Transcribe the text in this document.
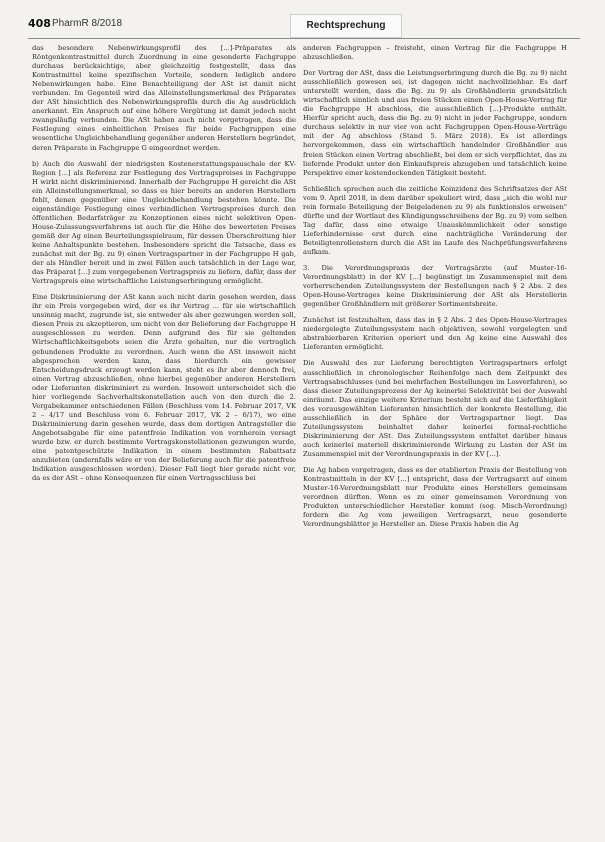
408 PharmR 8/2018	Rechtsprechung

das besondere Nebenwirkungsprofil des [...]-Präparates als Röntgenkontrastmittel durch Zuordnung in eine gesonderte Fachgruppe durchaus berücksichtige, aber gleichzeitig festgestellt, dass das Kontrastmittel keine spezifischen Vorteile, sondern lediglich andere Nebenwirkungen habe. Eine Benachteiligung der ASt ist damit nicht verbunden. Im Gegenteil wird das Alleinstellungsmerkmal des Präparates der ASt hinsichtlich des Nebenwirkungsprofils durch die Ag ausdrücklich anerkannt. Ein Anspruch auf eine höhere Vergütung ist damit jedoch nicht zwangsläufig verbunden. Die ASt haben auch nicht vorgetragen, dass die Festlegung eines einheitlichen Preises für beide Fachgruppen eine wesentliche Ungleichbehandlung gegenüber anderen Herstellern begründet, deren Präparate in Fachgruppe G eingeordnet werden.

b) Auch die Auswahl der niedrigsten Kostenerstattungspauschale der KV-Region [...] als Referenz zur Festlegung des Vertragspreises in Fachgruppe H wirkt nicht diskriminierend. Innerhalb der Fachgruppe H gereicht die ASt ein Alleinstellungsmerkmal, so dass es hier bereits an anderen Herstellern fehlt, denen gegenüber eine Ungleichbehandlung bestehen könnte. Die eigenständige Festlegung eines verbindlichen Vertragspreises durch den öffentlichen Bedarfsträger zu Konzeptionen eines nicht selektiven Open-House-Zulassungsverfahrens ist auch für die Höhe des bewerteten Preises gemäß der Ag einen Beurteilungsspielraum, für dessen Überschreitung hier keine Anhaltspunkte bestehen. Insbesondere spricht die Tatsache, dass es zunächst mit der Bg. zu 9) einen Vertragspartner in der Fachgruppe H gab, der als Händler bereit und in zwei Fällen auch tatsächlich in der Lage war, das Präparat [...] zum vorgegebenen Vertragspreis zu liefern, dafür, dass der Vertragspreis eine wirtschaftliche Leistungserbringung ermöglicht.

Eine Diskriminierung der ASt kann auch nicht darin gesehen werden, dass ihr ein Preis vorgegeben wird, der es ihr Vertrag ... für sie wirtschaftlich unsinnig macht, zugrunde ist, sie entweder als aber gezwungen werden soll, diesen Preis zu akzeptieren, um nicht von der Belieferung der Fachgruppe H ausgeschlossen zu werden. Denn aufgrund des für sie geltenden Wirtschaftlichkeitsgebots seien die Ärzte gehalten, nur die vertraglich gebundenen Produkte zu verordnen. Auch wenn die ASt insoweit nicht abgesprochen werden kann, dass hierdurch ein gewisser Entscheidungsdruck erzeugt werden kann, steht es ihr aber dennoch frei, einen Vertrag abzuschließen, ohne hierbei gegenüber anderen Herstellern oder Lieferanten diskriminiert zu werden. Insoweit unterscheidet sich die hier vorliegende Sachverhaltskonstellation auch von den durch die 2. Vergabekammer entschiedenen Fällen (Beschluss vom 14. Februar 2017, VK 2 – 4/17 und Beschluss vom 6. Februar 2017, VK 2 – 6/17), wo eine Diskriminierung darin gesehen wurde, dass dem dortigen Antragsteller die Angebotsabgabe für eine patentfreie Indikation von vornherein versagt wurde bzw. er durch bestimmte Vertragskonstellationen gezwungen wurde, eine patentgeschützte Indikation in einem bestimmten Rabattsatz anzubieten (andernfalls wäre er von der Belieferung auch für die patentfreie Indikation ausgeschlossen worden). Dieser Fall liegt hier gerade nicht vor, da es der ASt – ohne Konsequenzen für einen Vertragsschluss bei

anderen Fachgruppen – freisteht, einen Vertrag für die Fachgruppe H abzuschließen.

Der Vortrag der ASt, dass die Leistungserbringung durch die Bg. zu 9) nicht ausschließlich gewesen sei, ist dagegen nicht nachvollziehbar. Es darf unterstellt werden, dass die Bg. zu 9) als Großhändlerin grundsätzlich wirtschaftlich sinnlich und aus freien Stücken einen Open-House-Vertrag für die Fachgruppe H abschloss, die ausschließlich [...]-Produkte enthält. Hierfür spricht auch, dass die Bg. zu 9) nicht in jeder Fachgruppe, sondern durchaus selektiv in nur vier von acht Fachgruppen Open-House-Verträge mit der Ag abschloss (Stand 5. März 2018). Es ist allerdings hervorgekommen, dass ein wirtschaftlich handelnder Großhändler aus freien Stücken einen Vertrag abschließt, bei dem er sich verpflichtet, das zu liefernde Produkt unter den Einkaufspreis abzugeben und tatsächlich keine Perspektive einer kostendeckenden Tätigkeit besteht.

Schließlich sprechen auch die zeitliche Koinzidenz des Schriftsatzes der ASt vom 9. April 2018, in dem darüber spekuliert wird, dass „sich die wohl nur rein formale Beteiligung der Beigeladenen zu 9) als funktionslos erweisen" dürfte und der Wortlaut des Kündigungsschreibens der Bg. zu 9) vom selben Tag dafür, dass eine etwaige Unauskömmlichkeit oder sonstige Lieferhindernisse erst durch eine nachträgliche Veränderung der Beteiligtenrollenstern durch die ASt im Laufe des Nachprüfungsverfahrens aufkam.

3. Die Verordnungspraxis der Vertragsärzte (auf Muster-16-Verordnungsblatt) in der KV [...] begünstigt im Zusammenspiel mit dem vorherrschenden Zuteilungssystem der Bestellungen nach § 2 Abs. 2 des Open-House-Vertrages keine Diskriminierung der ASt als Herstellerin gegenüber Großhändlern mit größerer Sortimentsbreite.

Zunächst ist festzuhalten, dass das in § 2 Abs. 2 des Open-House-Vertrages niedergelegte Zuteilungssystem nach objektiven, sowohl vorgelegten und abstrahierbaren Kriterien operiert und den Ag keine eine Auswahl des Lieferanten ermöglicht.

Die Auswahl des zur Lieferung berechtigten Vertragspartners erfolgt ausschließlich in chronologischer Reihenfolge nach dem Zeitpunkt des Vertragsabschlusses (und bei mehrfachen Bestellungen im Losverfahren), so dass dieser Zuteilungsprozess der Ag keinerlei Selektivität bei der Auswahl einräumt. Das einzige weitere Kriterium besteht sich auf die Lieferfähigkeit des vorausgewählten Lieferanten hinsichtlich der konkrete Bestellung, die ausschließlich in der Sphäre der Vertragspartner liegt. Das Zuteilungssystem beinhaltet daher keinerlei formal-rechtliche Diskriminierung der ASt. Das Zuteilungssystem entfaltet darüber hinaus auch keinerlei materiell diskriminierende Wirkung zu Lasten der ASt im Zusammenspiel mit der Verordnungspraxis in der KV [...].

Die Ag haben vorgetragen, dass es der etablierten Praxis der Bestellung von Kontrastmitteln in der KV [...] entspricht, dass der Vertragsarzt auf einem Muster-16-Verordnungsblatt nur Produkte eines Herstellers gemeinsam verordnen dürften. Wenn es zu einer gemeinsamen Verordnung von Produkten unterschiedlicher Hersteller kommt (sog. Misch-Verordnung) fordern die Ag vom jeweiligen Vertragsarzt, neue gesonderte Verordnungsblätter je Hersteller an. Diese Praxis haben die Ag
